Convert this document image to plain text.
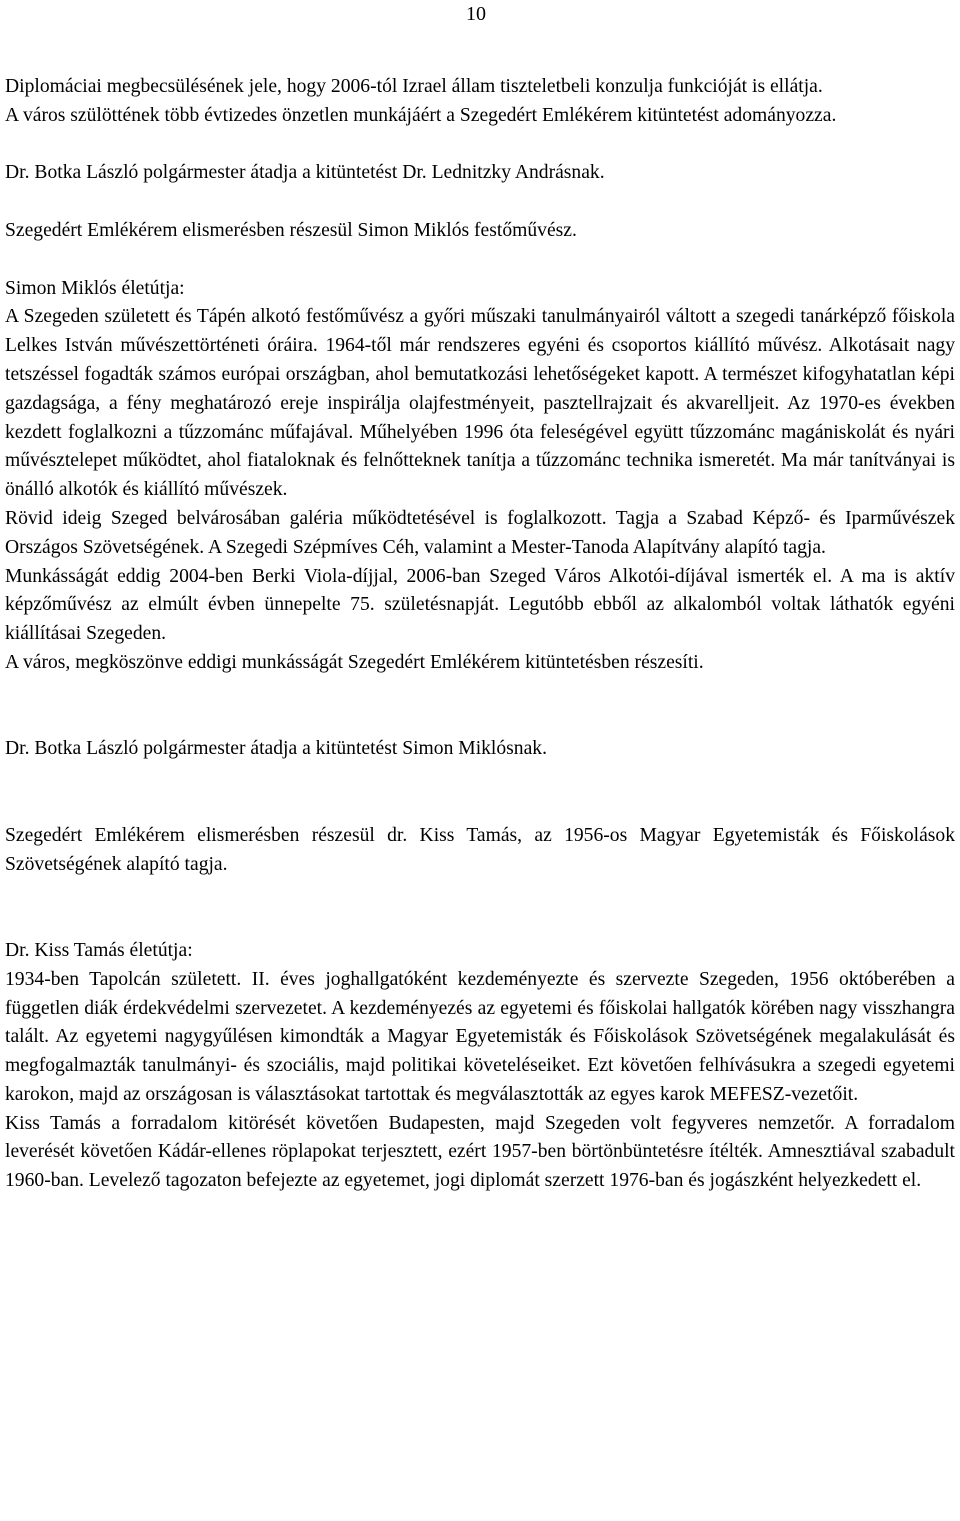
10

Diplomáciai megbecsülésének jele, hogy 2006-tól Izrael állam tiszteletbeli konzulja funkcióját is ellátja.

A város szülöttének több évtizedes önzetlen munkájáért a Szegedért Emlékérem kitüntetést adományozza.

Dr. Botka László polgármester átadja a kitüntetést Dr. Lednitzky Andrásnak.

Szegedért Emlékérem elismerésben részesül Simon Miklós festőművész.

Simon Miklós életútja:

A Szegeden született és Tápén alkotó festőművész a győri műszaki tanulmányairól váltott a szegedi tanárképző főiskola Lelkes István művészettörténeti óráira. 1964-től már rendszeres egyéni és csoportos kiállító művész. Alkotásait nagy tetszéssel fogadták számos európai országban, ahol bemutatkozási lehetőségeket kapott. A természet kifogyhatatlan képi gazdagsága, a fény meghatározó ereje inspirálja olajfestményeit, pasztellrajzait és akvarelljeit. Az 1970-es években kezdett foglalkozni a tűzzománc műfajával. Műhelyében 1996 óta feleségével együtt tűzzománc magániskolát és nyári művésztelepet működtet, ahol fiataloknak és felnőtteknek tanítja a tűzzománc technika ismeretét. Ma már tanítványai is önálló alkotók és kiállító művészek.

Rövid ideig Szeged belvárosában galéria működtetésével is foglalkozott. Tagja a Szabad Képző- és Iparművészek Országos Szövetségének. A Szegedi Szépmíves Céh, valamint a Mester-Tanoda Alapítvány alapító tagja.

Munkásságát eddig 2004-ben Berki Viola-díjjal, 2006-ban Szeged Város Alkotói-díjával ismerték el. A ma is aktív képzőművész az elmúlt évben ünnepelte 75. születésnapját. Legutóbb ebből az alkalomból voltak láthatók egyéni kiállításai Szegeden.

A város, megköszönve eddigi munkásságát Szegedért Emlékérem kitüntetésben részesíti.

Dr. Botka László polgármester átadja a kitüntetést Simon Miklósnak.

Szegedért Emlékérem elismerésben részesül dr. Kiss Tamás, az 1956-os Magyar Egyetemisták és Főiskolások Szövetségének alapító tagja.

Dr. Kiss Tamás életútja:

1934-ben Tapolcán született. II. éves joghallgatóként kezdeményezte és szervezte Szegeden, 1956 októberében a független diák érdekvédelmi szervezetet. A kezdeményezés az egyetemi és főiskolai hallgatók körében nagy visszhangra talált. Az egyetemi nagygyűlésen kimondták a Magyar Egyetemisták és Főiskolások Szövetségének megalakulását és megfogalmazták tanulmányi- és szociális, majd politikai követeléseiket. Ezt követően felhívásukra a szegedi egyetemi karokon, majd az országosan is választásokat tartottak és megválasztották az egyes karok MEFESZ-vezetőit.

Kiss Tamás a forradalom kitörését követően Budapesten, majd Szegeden volt fegyveres nemzetőr. A forradalom leverését követően Kádár-ellenes röplapokat terjesztett, ezért 1957-ben börtönbüntetésre ítélték. Amnesztiával szabadult 1960-ban. Levelező tagozaton befejezte az egyetemet, jogi diplomát szerzett 1976-ban és jogászként helyezkedett el.
